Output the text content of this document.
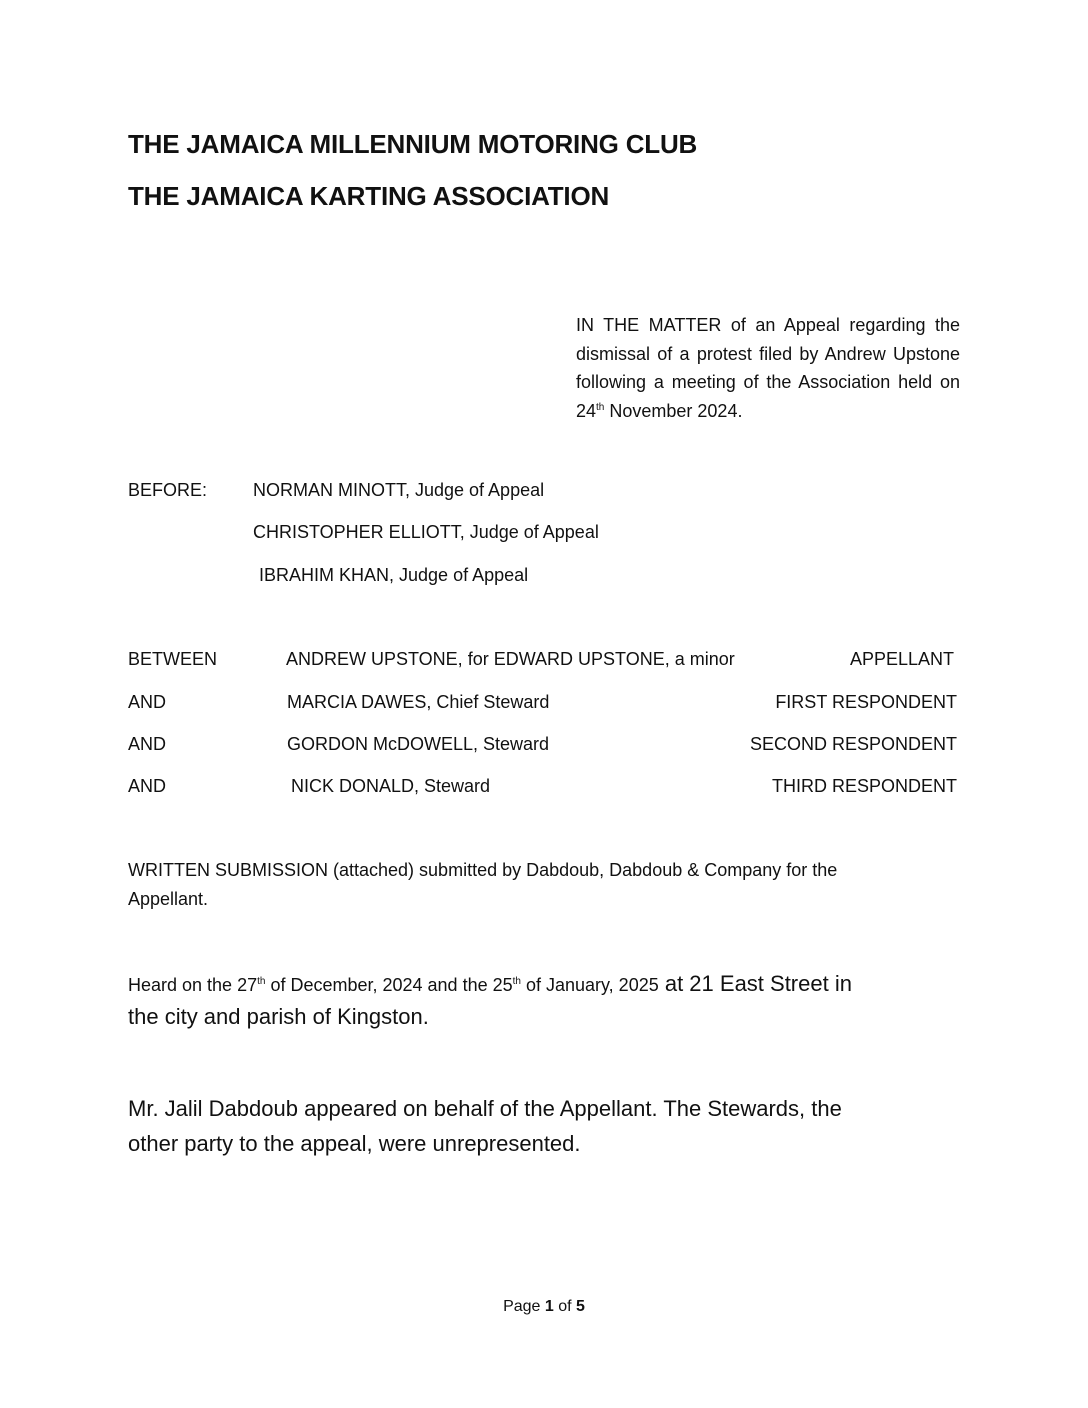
THE JAMAICA MILLENNIUM MOTORING CLUB
THE JAMAICA KARTING ASSOCIATION

IN THE MATTER of an Appeal regarding the dismissal of a protest filed by Andrew Upstone following a meeting of the Association held on 24th November 2024.

BEFORE:	NORMAN MINOTT, Judge of Appeal

CHRISTOPHER ELLIOTT, Judge of Appeal

IBRAHIM KHAN, Judge of Appeal

BETWEEN	ANDREW UPSTONE, for EDWARD UPSTONE, a minor	APPELLANT

AND	MARCIA DAWES, Chief Steward	FIRST RESPONDENT

AND	GORDON McDOWELL, Steward	SECOND RESPONDENT

AND	NICK DONALD, Steward	THIRD RESPONDENT

WRITTEN SUBMISSION (attached) submitted by Dabdoub, Dabdoub & Company for the

Appellant.

Heard on the 27th of December, 2024 and the 25th of January, 2025 at 21 East Street in

the city and parish of Kingston.

Mr. Jalil Dabdoub appeared on behalf of the Appellant. The Stewards, the

other party to the appeal, were unrepresented.

Page 1 of 5
